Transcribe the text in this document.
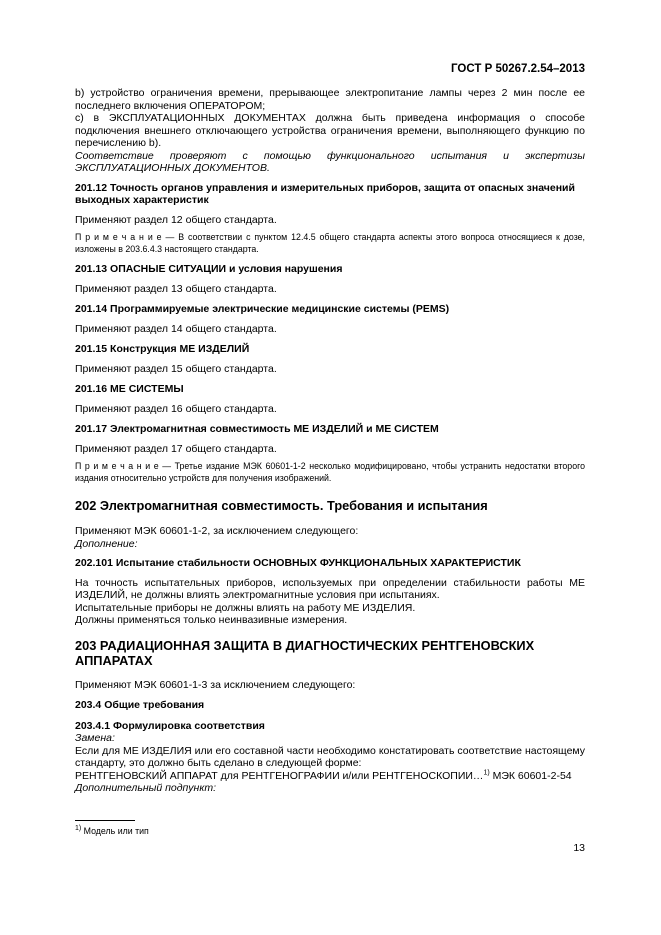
ГОСТ Р 50267.2.54–2013

b) устройство ограничения времени, прерывающее электропитание лампы через 2 мин после ее последнего включения ОПЕРАТОРОМ;

c) в ЭКСПЛУАТАЦИОННЫХ ДОКУМЕНТАХ должна быть приведена информация о способе подключения внешнего отключающего устройства ограничения времени, выполняющего функцию по перечислению b).

Соответствие проверяют с помощью функционального испытания и экспертизы ЭКСПЛУАТАЦИОННЫХ ДОКУМЕНТОВ.

201.12 Точность органов управления и измерительных приборов, защита от опасных значений выходных характеристик

Применяют раздел 12 общего стандарта.

П р и м е ч а н и е — В соответствии с пунктом 12.4.5 общего стандарта аспекты этого вопроса относящиеся к дозе, изложены в 203.6.4.3 настоящего стандарта.

201.13 ОПАСНЫЕ СИТУАЦИИ и условия нарушения

Применяют раздел 13 общего стандарта.

201.14 Программируемые электрические медицинские системы (PEMS)

Применяют раздел 14 общего стандарта.

201.15 Конструкция МЕ ИЗДЕЛИЙ

Применяют раздел 15 общего стандарта.

201.16 МЕ СИСТЕМЫ

Применяют раздел 16 общего стандарта.

201.17 Электромагнитная совместимость МЕ ИЗДЕЛИЙ и МЕ СИСТЕМ

Применяют раздел 17 общего стандарта.

П р и м е ч а н и е — Третье издание МЭК 60601-1-2 несколько модифицировано, чтобы устранить недостатки второго издания относительно устройств для получения изображений.

202 Электромагнитная совместимость. Требования и испытания

Применяют МЭК 60601-1-2, за исключением следующего:

Дополнение:

202.101 Испытание стабильности ОСНОВНЫХ ФУНКЦИОНАЛЬНЫХ ХАРАКТЕРИСТИК

На точность испытательных приборов, используемых при определении стабильности работы МЕ ИЗДЕЛИЙ, не должны влиять электромагнитные условия при испытаниях.

Испытательные приборы не должны влиять на работу МЕ ИЗДЕЛИЯ.

Должны применяться только неинвазивные измерения.

203 РАДИАЦИОННАЯ ЗАЩИТА В ДИАГНОСТИЧЕСКИХ РЕНТГЕНОВСКИХ АППАРАТАХ

Применяют МЭК 60601-1-3 за исключением следующего:

203.4 Общие требования

203.4.1 Формулировка соответствия

Замена:

Если для МЕ ИЗДЕЛИЯ или его составной части необходимо констатировать соответствие настоящему стандарту, это должно быть сделано в следующей форме:

РЕНТГЕНОВСКИЙ АППАРАТ для РЕНТГЕНОГРАФИИ и/или РЕНТГЕНОСКОПИИ…$^{1)}$ МЭК 60601-2-54

Дополнительный подпункт:

$^{1)}$ Модель или тип
13
